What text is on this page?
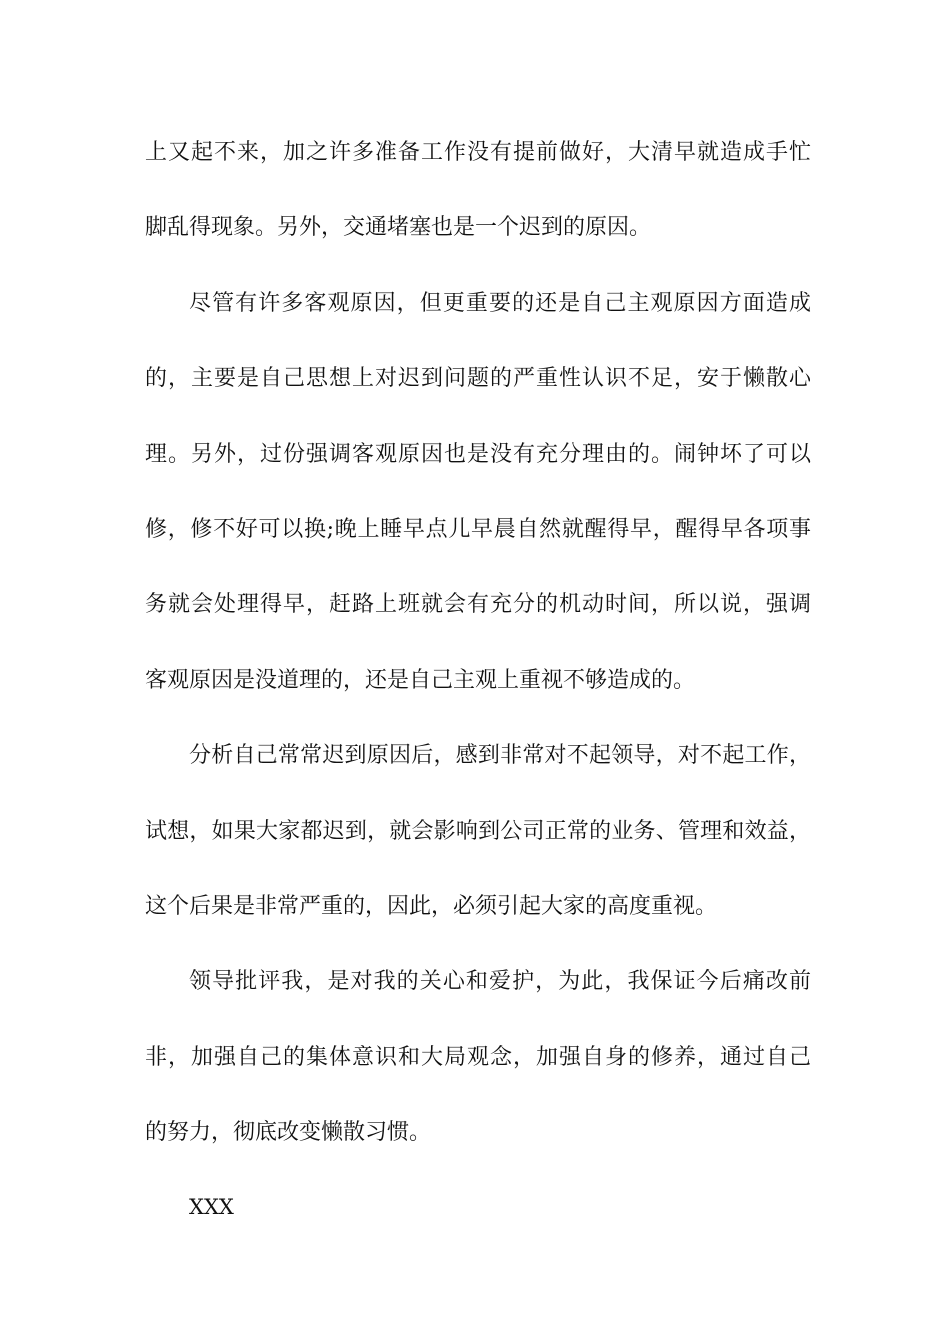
上又起不来，加之许多准备工作没有提前做好，大清早就造成手忙
脚乱得现象。另外，交通堵塞也是一个迟到的原因。
尽管有许多客观原因，但更重要的还是自己主观原因方面造成
的，主要是自己思想上对迟到问题的严重性认识不足，安于懒散心
理。另外，过份强调客观原因也是没有充分理由的。闹钟坏了可以
修，修不好可以换;晚上睡早点儿早晨自然就醒得早，醒得早各项事
务就会处理得早，赶路上班就会有充分的机动时间，所以说，强调
客观原因是没道理的，还是自己主观上重视不够造成的。
分析自己常常迟到原因后，感到非常对不起领导，对不起工作，
试想，如果大家都迟到，就会影响到公司正常的业务、管理和效益，
这个后果是非常严重的，因此，必须引起大家的高度重视。
领导批评我，是对我的关心和爱护，为此，我保证今后痛改前
非，加强自己的集体意识和大局观念，加强自身的修养，通过自己
的努力，彻底改变懒散习惯。
XXX
